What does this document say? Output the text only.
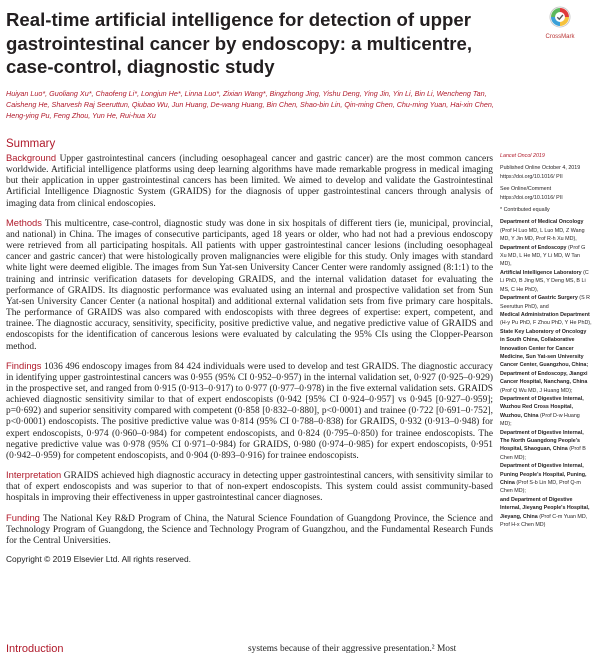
Real-time artificial intelligence for detection of upper gastrointestinal cancer by endoscopy: a multicentre, case-control, diagnostic study
CrossMark

Huiyan Luo*, Guoliang Xu*, Chaofeng Li*, Longjun He*, Linna Luo*, Zixian Wang*, Bingzhong Jing, Yishu Deng, Ying Jin, Yin Li, Bin Li, Wencheng Tan, Caisheng He, Sharvesh Raj Seeruttun, Qiubao Wu, Jun Huang, De-wang Huang, Bin Chen, Shao-bin Lin, Qin-ming Chen, Chu-ming Yuan, Hai-xin Chen, Heng-ying Pu, Feng Zhou, Yun He, Rui-hua Xu

Summary

Background Upper gastrointestinal cancers (including oesophageal cancer and gastric cancer) are the most common cancers worldwide. Artificial intelligence platforms using deep learning algorithms have made remarkable progress in medical imaging but their application in upper gastrointestinal cancers has been limited. We aimed to develop and validate the Gastrointestinal Artificial Intelligence Diagnostic System (GRAIDS) for the diagnosis of upper gastrointestinal cancers through analysis of imaging data from clinical endoscopies.

Methods This multicentre, case-control, diagnostic study was done in six hospitals of different tiers (ie, municipal, provincial, and national) in China. The images of consecutive participants, aged 18 years or older, who had not had a previous endoscopy were retrieved from all participating hospitals. All patients with upper gastrointestinal cancer lesions (including oesophageal cancer and gastric cancer) that were histologically proven malignancies were eligible for this study. Only images with standard white light were deemed eligible. The images from Sun Yat-sen University Cancer Center were randomly assigned (8:1:1) to the training and intrinsic verification datasets for developing GRAIDS, and the internal validation dataset for evaluating the performance of GRAIDS. Its diagnostic performance was evaluated using an internal and prospective validation set from Sun Yat-sen University Cancer Center (a national hospital) and additional external validation sets from five primary care hospitals. The performance of GRAIDS was also compared with endoscopists with three degrees of expertise: expert, competent, and trainee. The diagnostic accuracy, sensitivity, specificity, positive predictive value, and negative predictive value of GRAIDS and endoscopists for the identification of cancerous lesions were evaluated by calculating the 95% CIs using the Clopper-Pearson method.

Findings 1036 496 endoscopy images from 84 424 individuals were used to develop and test GRAIDS. The diagnostic accuracy in identifying upper gastrointestinal cancers was 0·955 (95% CI 0·952–0·957) in the internal validation set, 0·927 (0·925–0·929) in the prospective set, and ranged from 0·915 (0·913–0·917) to 0·977 (0·977–0·978) in the five external validation sets. GRAIDS achieved diagnostic sensitivity similar to that of expert endoscopists (0·942 [95% CI 0·924–0·957] vs 0·945 [0·927–0·959]; p=0·692) and superior sensitivity compared with competent (0·858 [0·832–0·880], p<0·0001) and trainee (0·722 [0·691–0·752], p<0·0001) endoscopists. The positive predictive value was 0·814 (95% CI 0·788–0·838) for GRAIDS, 0·932 (0·913–0·948) for expert endoscopists, 0·974 (0·960–0·984) for competent endoscopists, and 0·824 (0·795–0·850) for trainee endoscopists. The negative predictive value was 0·978 (95% CI 0·971–0·984) for GRAIDS, 0·980 (0·974–0·985) for expert endoscopists, 0·951 (0·942–0·959) for competent endoscopists, and 0·904 (0·893–0·916) for trainee endoscopists.

Interpretation GRAIDS achieved high diagnostic accuracy in detecting upper gastrointestinal cancers, with sensitivity similar to that of expert endoscopists and was superior to that of non-expert endoscopists. This system could assist community-based hospitals in improving their effectiveness in upper gastrointestinal cancer diagnoses.

Funding The National Key R&D Program of China, the Natural Science Foundation of Guangdong Province, the Science and Technology Program of Guangdong, the Science and Technology Program of Guangzhou, and the Fundamental Research Funds for the Central Universities.

Copyright © 2019 Elsevier Ltd. All rights reserved.

Introduction	systems because of their aggressive presentation.² Most

Lancet Oncol 2019

Published Online October 4, 2019 https://doi.org/10.1016/ PII

See Online/Comment https://doi.org/10.1016/ PII

* Contributed equally

Department of Medical Oncology (Prof H Luo MD, L Luo MD, Z Wang MD, Y Jin MD, Prof R-h Xu MD),
Department of Endoscopy (Prof G Xu MD, L He MD, Y Li MD, W Tan MD),
Artificial Intelligence Laboratory (C Li PhD, B Jing MS, Y Deng MS, B Li MS, C He PhD),
Department of Gastric Surgery (S R Seeruttun PhD), and
Medical Administration Department (H-y Pu PhD, F Zhou PhD, Y He PhD),
State Key Laboratory of Oncology in South China, Collaborative Innovation Center for Cancer Medicine, Sun Yat-sen University Cancer Center, Guangzhou, China; Department of Endoscopy, Jiangxi Cancer Hospital, Nanchang, China (Prof Q Wu MD, J Huang MD);
Department of Digestive Internal, Wuzhou Red Cross Hospital, Wuzhou, China (Prof D-w Huang MD);
Department of Digestive Internal, The North Guangdong People's Hospital, Shaoguan, China (Prof B Chen MD);
Department of Digestive Internal, Puning People's Hospital, Puning, China (Prof S-b Lin MD, Prof Q-m Chen MD);
and Department of Digestive Internal, Jieyang People's Hospital, Jieyang, China (Prof C-m Yuan MD, Prof H-x Chen MD)
